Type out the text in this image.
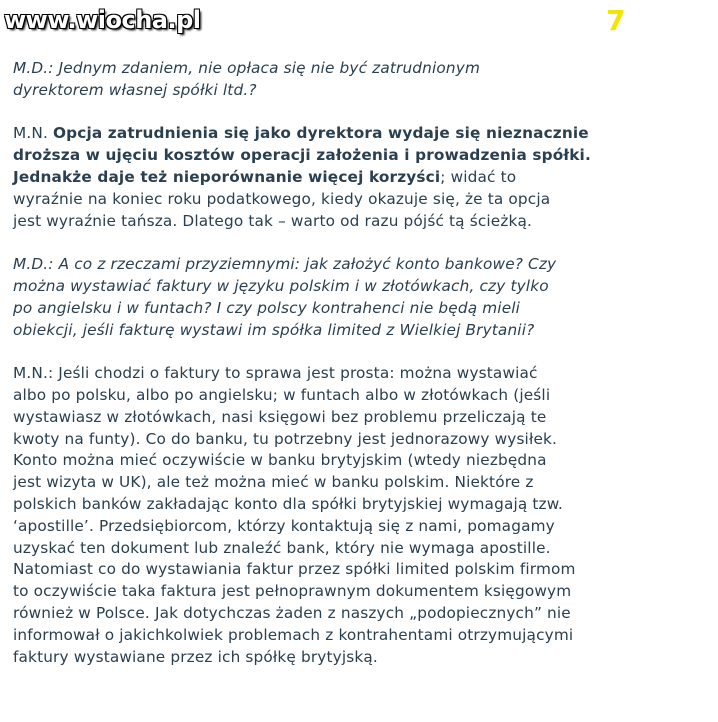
www.wiocha.pl	7

M.D.: Jednym zdaniem, nie opłaca się nie być zatrudnionym
dyrektorem własnej spółki ltd.?

M.N. Opcja zatrudnienia się jako dyrektora wydaje się nieznacznie
droższa w ujęciu kosztów operacji założenia i prowadzenia spółki.
Jednakże daje też nieporównanie więcej korzyści; widać to
wyraźnie na koniec roku podatkowego, kiedy okazuje się, że ta opcja
jest wyraźnie tańsza. Dlatego tak – warto od razu pójść tą ścieżką.

M.D.: A co z rzeczami przyziemnymi: jak założyć konto bankowe? Czy
można wystawiać faktury w języku polskim i w złotówkach, czy tylko
po angielsku i w funtach? I czy polscy kontrahenci nie będą mieli
obiekcji, jeśli fakturę wystawi im spółka limited z Wielkiej Brytanii?

M.N.: Jeśli chodzi o faktury to sprawa jest prosta: można wystawiać
albo po polsku, albo po angielsku; w funtach albo w złotówkach (jeśli
wystawiasz w złotówkach, nasi księgowi bez problemu przeliczają te
kwoty na funty). Co do banku, tu potrzebny jest jednorazowy wysiłek.
Konto można mieć oczywiście w banku brytyjskim (wtedy niezbędna
jest wizyta w UK), ale też można mieć w banku polskim. Niektóre z
polskich banków zakładając konto dla spółki brytyjskiej wymagają tzw.
‘apostille’. Przedsiębiorcom, którzy kontaktują się z nami, pomagamy
uzyskać ten dokument lub znaleźć bank, który nie wymaga apostille.
Natomiast co do wystawiania faktur przez spółki limited polskim firmom
to oczywiście taka faktura jest pełnoprawnym dokumentem księgowym
również w Polsce. Jak dotychczas żaden z naszych „podopiecznych” nie
informował o jakichkolwiek problemach z kontrahentami otrzymującymi
faktury wystawiane przez ich spółkę brytyjską.
